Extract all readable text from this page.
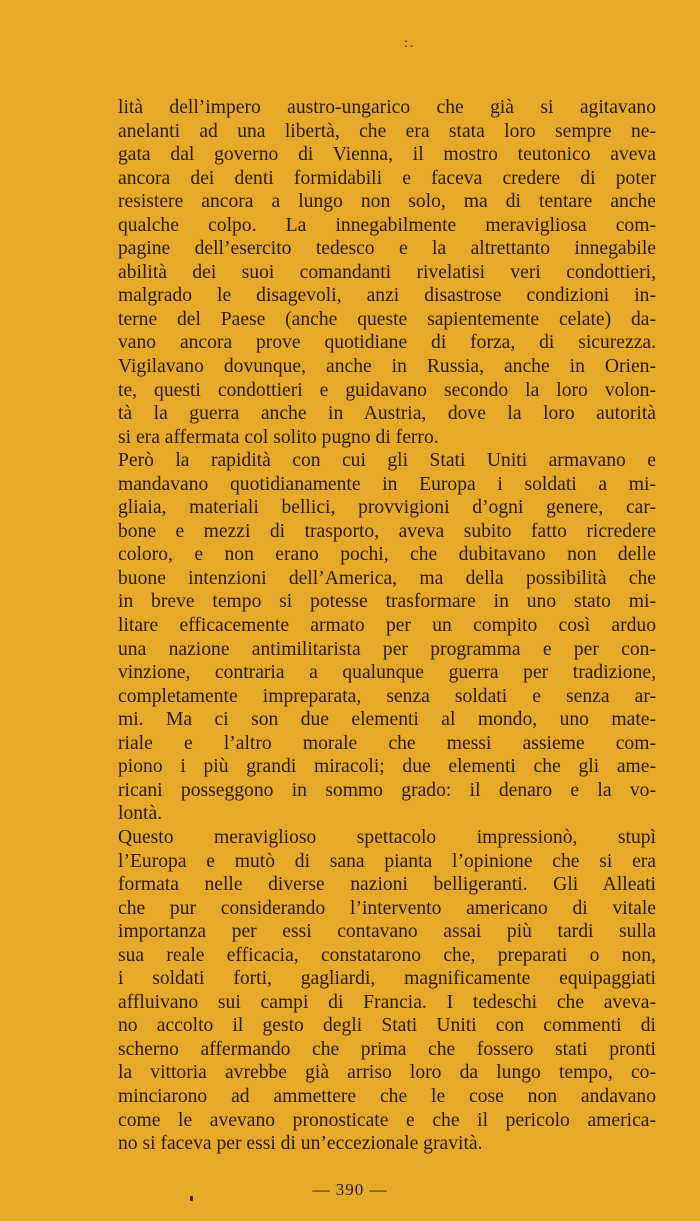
:.
lità dell’impero austro-ungarico che già si agitavano
anelanti ad una libertà, che era stata loro sempre ne-
gata dal governo di Vienna, il mostro teutonico aveva
ancora dei denti formidabili e faceva credere di poter
resistere ancora a lungo non solo, ma di tentare anche
qualche colpo. La innegabilmente meravigliosa com-
pagine dell’esercito tedesco e la altrettanto innegabile
abilità dei suoi comandanti rivelatisi veri condottieri,
malgrado le disagevoli, anzi disastrose condizioni in-
terne del Paese (anche queste sapientemente celate) da-
vano ancora prove quotidiane di forza, di sicurezza.
Vigilavano dovunque, anche in Russia, anche in Orien-
te, questi condottieri e guidavano secondo la loro volon-
tà la guerra anche in Austria, dove la loro autorità
si era affermata col solito pugno di ferro.
Però la rapidità con cui gli Stati Uniti armavano e
mandavano quotidianamente in Europa i soldati a mi-
gliaia, materiali bellici, provvigioni d’ogni genere, car-
bone e mezzi di trasporto, aveva subito fatto ricredere
coloro, e non erano pochi, che dubitavano non delle
buone intenzioni dell’America, ma della possibilità che
in breve tempo si potesse trasformare in uno stato mi-
litare efficacemente armato per un compito così arduo
una nazione antimilitarista per programma e per con-
vinzione, contraria a qualunque guerra per tradizione,
completamente impreparata, senza soldati e senza ar-
mi. Ma ci son due elementi al mondo, uno mate-
riale e l’altro morale che messi assieme com-
piono i più grandi miracoli; due elementi che gli ame-
ricani posseggono in sommo grado: il denaro e la vo-
lontà.
Questo meraviglioso spettacolo impressionò, stupì
l’Europa e mutò di sana pianta l’opinione che si era
formata nelle diverse nazioni belligeranti. Gli Alleati
che pur considerando l’intervento americano di vitale
importanza per essi contavano assai più tardi sulla
sua reale efficacia, constatarono che, preparati o non,
i soldati forti, gagliardi, magnificamente equipaggiati
affluivano sui campi di Francia. I tedeschi che aveva-
no accolto il gesto degli Stati Uniti con commenti di
scherno affermando che prima che fossero stati pronti
la vittoria avrebbe già arriso loro da lungo tempo, co-
minciarono ad ammettere che le cose non andavano
come le avevano pronosticate e che il pericolo america-
no si faceva per essi di un’eccezionale gravità.
— 390 —
